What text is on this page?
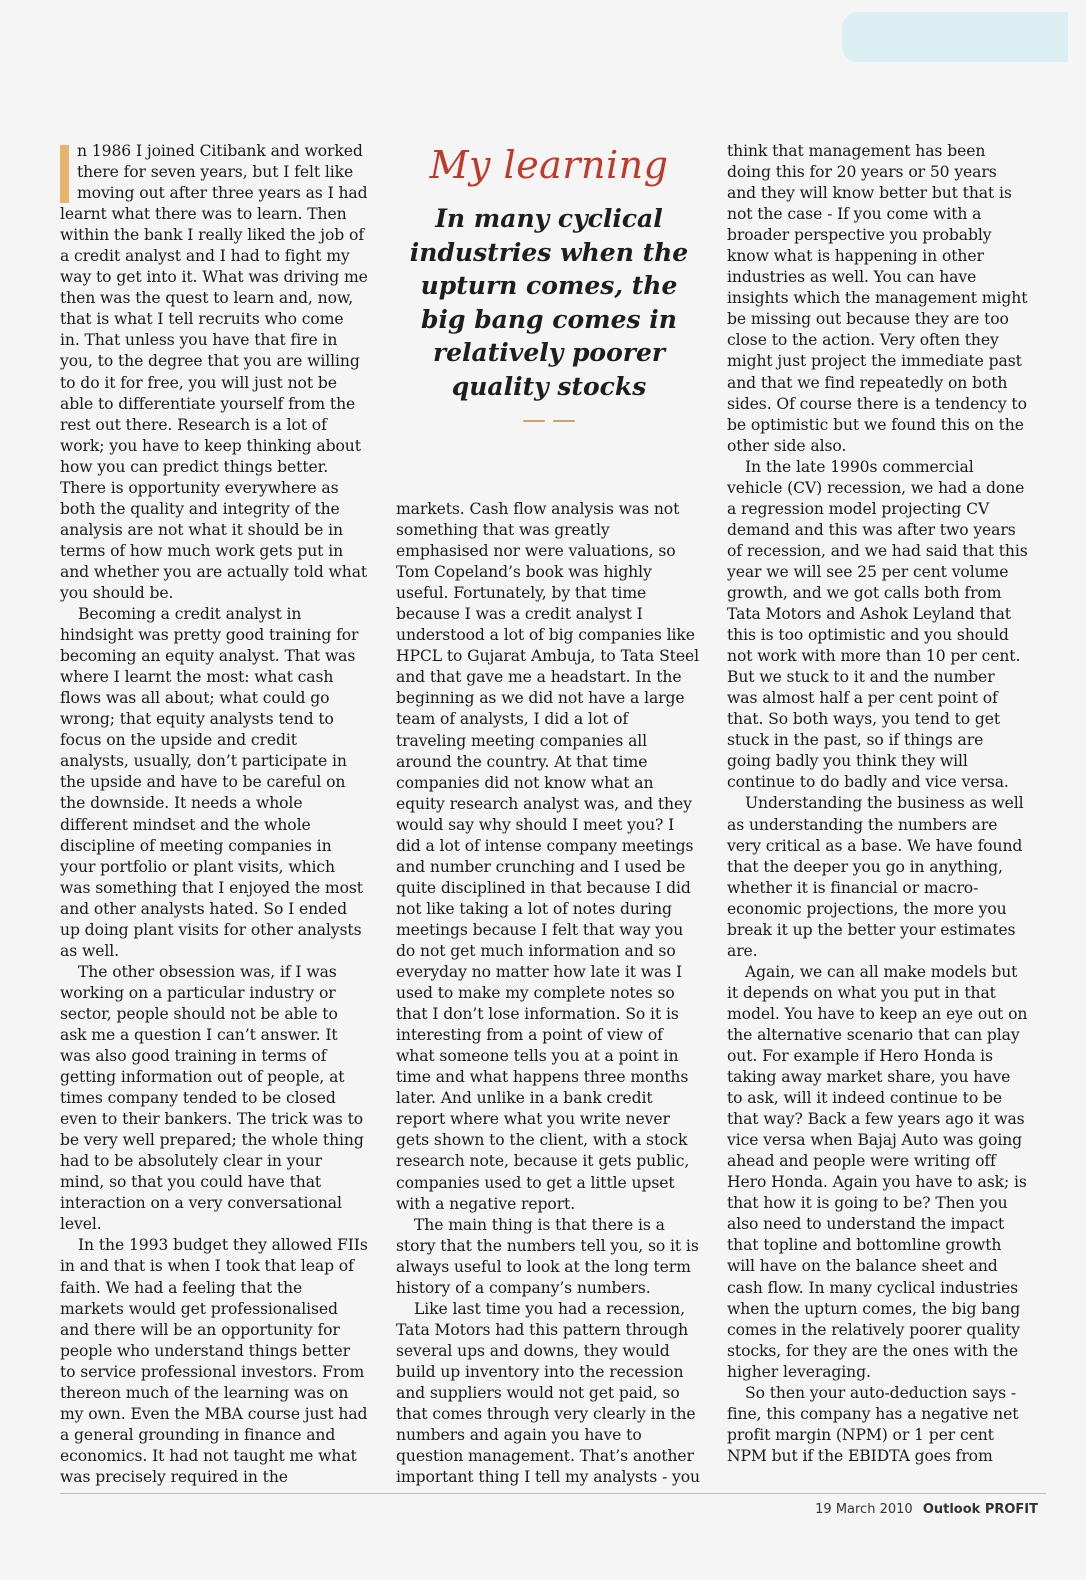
n 1986 I joined Citibank and worked there for seven years, but I felt like moving out after three years as I had learnt what there was to learn. Then within the bank I really liked the job of a credit analyst and I had to fight my way to get into it. What was driving me then was the quest to learn and, now, that is what I tell recruits who come in. That unless you have that fire in you, to the degree that you are willing to do it for free, you will just not be able to differentiate yourself from the rest out there. Research is a lot of work; you have to keep thinking about how you can predict things better. There is opportunity everywhere as both the quality and integrity of the analysis are not what it should be in terms of how much work gets put in and whether you are actually told what you should be.

Becoming a credit analyst in hindsight was pretty good training for becoming an equity analyst. That was where I learnt the most: what cash flows was all about; what could go wrong; that equity analysts tend to focus on the upside and credit analysts, usually, don’t participate in the upside and have to be careful on the downside. It needs a whole different mindset and the whole discipline of meeting companies in your portfolio or plant visits, which was something that I enjoyed the most and other analysts hated. So I ended up doing plant visits for other analysts as well.

The other obsession was, if I was working on a particular industry or sector, people should not be able to ask me a question I can’t answer. It was also good training in terms of getting information out of people, at times company tended to be closed even to their bankers. The trick was to be very well prepared; the whole thing had to be absolutely clear in your mind, so that you could have that interaction on a very conversational level.

In the 1993 budget they allowed FIIs in and that is when I took that leap of faith. We had a feeling that the markets would get professionalised and there will be an opportunity for people who understand things better to service professional investors. From thereon much of the learning was on my own. Even the MBA course just had a general grounding in finance and economics. It had not taught me what was precisely required in the

My learning
In many cyclical industries when the upturn comes, the big bang comes in relatively poorer quality stocks

markets. Cash flow analysis was not something that was greatly emphasised nor were valuations, so Tom Copeland’s book was highly useful. Fortunately, by that time because I was a credit analyst I understood a lot of big companies like HPCL to Gujarat Ambuja, to Tata Steel and that gave me a headstart. In the beginning as we did not have a large team of analysts, I did a lot of traveling meeting companies all around the country. At that time companies did not know what an equity research analyst was, and they would say why should I meet you? I did a lot of intense company meetings and number crunching and I used be quite disciplined in that because I did not like taking a lot of notes during meetings because I felt that way you do not get much information and so everyday no matter how late it was I used to make my complete notes so that I don’t lose information. So it is interesting from a point of view of what someone tells you at a point in time and what happens three months later. And unlike in a bank credit report where what you write never gets shown to the client, with a stock research note, because it gets public, companies used to get a little upset with a negative report.

The main thing is that there is a story that the numbers tell you, so it is always useful to look at the long term history of a company’s numbers.

Like last time you had a recession, Tata Motors had this pattern through several ups and downs, they would build up inventory into the recession and suppliers would not get paid, so that comes through very clearly in the numbers and again you have to question management. That’s another important thing I tell my analysts - you

think that management has been doing this for 20 years or 50 years and they will know better but that is not the case - If you come with a broader perspective you probably know what is happening in other industries as well. You can have insights which the management might be missing out because they are too close to the action. Very often they might just project the immediate past and that we find repeatedly on both sides. Of course there is a tendency to be optimistic but we found this on the other side also.

In the late 1990s commercial vehicle (CV) recession, we had a done a regression model projecting CV demand and this was after two years of recession, and we had said that this year we will see 25 per cent volume growth, and we got calls both from Tata Motors and Ashok Leyland that this is too optimistic and you should not work with more than 10 per cent. But we stuck to it and the number was almost half a per cent point of that. So both ways, you tend to get stuck in the past, so if things are going badly you think they will continue to do badly and vice versa.

Understanding the business as well as understanding the numbers are very critical as a base. We have found that the deeper you go in anything, whether it is financial or macro-economic projections, the more you break it up the better your estimates are.

Again, we can all make models but it depends on what you put in that model. You have to keep an eye out on the alternative scenario that can play out. For example if Hero Honda is taking away market share, you have to ask, will it indeed continue to be that way? Back a few years ago it was vice versa when Bajaj Auto was going ahead and people were writing off Hero Honda. Again you have to ask; is that how it is going to be? Then you also need to understand the impact that topline and bottomline growth will have on the balance sheet and cash flow. In many cyclical industries when the upturn comes, the big bang comes in the relatively poorer quality stocks, for they are the ones with the higher leveraging.

So then your auto-deduction says - fine, this company has a negative net profit margin (NPM) or 1 per cent NPM but if the EBIDTA goes from

19 March 2010 Outlook PROFIT
